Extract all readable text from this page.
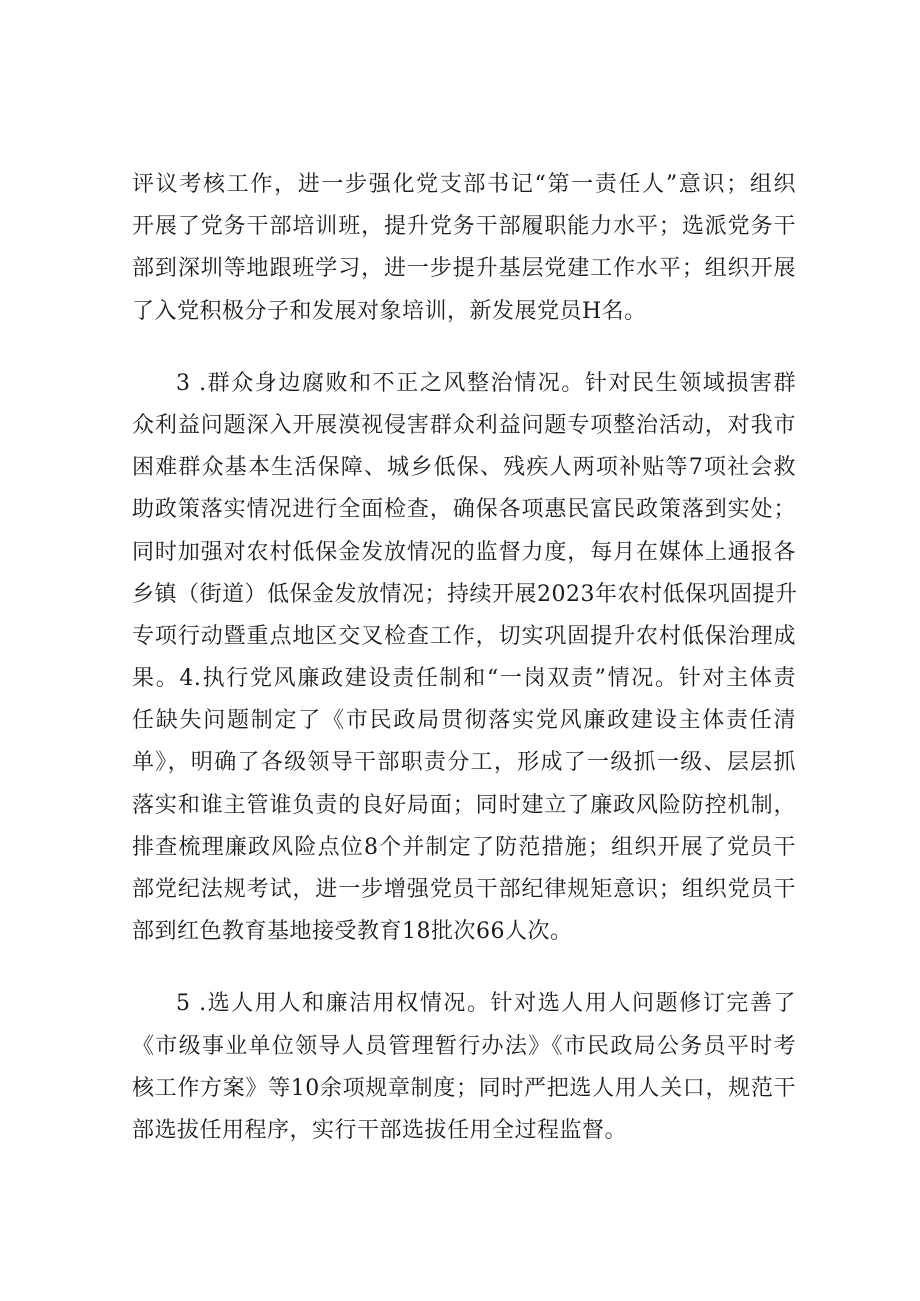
评议考核工作，进一步强化党支部书记“第一责任人”意识；组织
开展了党务干部培训班，提升党务干部履职能力水平；选派党务干
部到深圳等地跟班学习，进一步提升基层党建工作水平；组织开展
了入党积极分子和发展对象培训，新发展党员H名。
3 .群众身边腐败和不正之风整治情况。针对民生领域损害群
众利益问题深入开展漠视侵害群众利益问题专项整治活动，对我市
困难群众基本生活保障、城乡低保、残疾人两项补贴等7项社会救
助政策落实情况进行全面检查，确保各项惠民富民政策落到实处；
同时加强对农村低保金发放情况的监督力度，每月在媒体上通报各
乡镇（街道）低保金发放情况；持续开展2023年农村低保巩固提升
专项行动暨重点地区交叉检查工作，切实巩固提升农村低保治理成
果。4.执行党风廉政建设责任制和“一岗双责”情况。针对主体责
任缺失问题制定了《市民政局贯彻落实党风廉政建设主体责任清
单》，明确了各级领导干部职责分工，形成了一级抓一级、层层抓
落实和谁主管谁负责的良好局面；同时建立了廉政风险防控机制，
排查梳理廉政风险点位8个并制定了防范措施；组织开展了党员干
部党纪法规考试，进一步增强党员干部纪律规矩意识；组织党员干
部到红色教育基地接受教育18批次66人次。
5 .选人用人和廉洁用权情况。针对选人用人问题修订完善了
《市级事业单位领导人员管理暂行办法》《市民政局公务员平时考
核工作方案》等10余项规章制度；同时严把选人用人关口，规范干
部选拔任用程序，实行干部选拔任用全过程监督。
